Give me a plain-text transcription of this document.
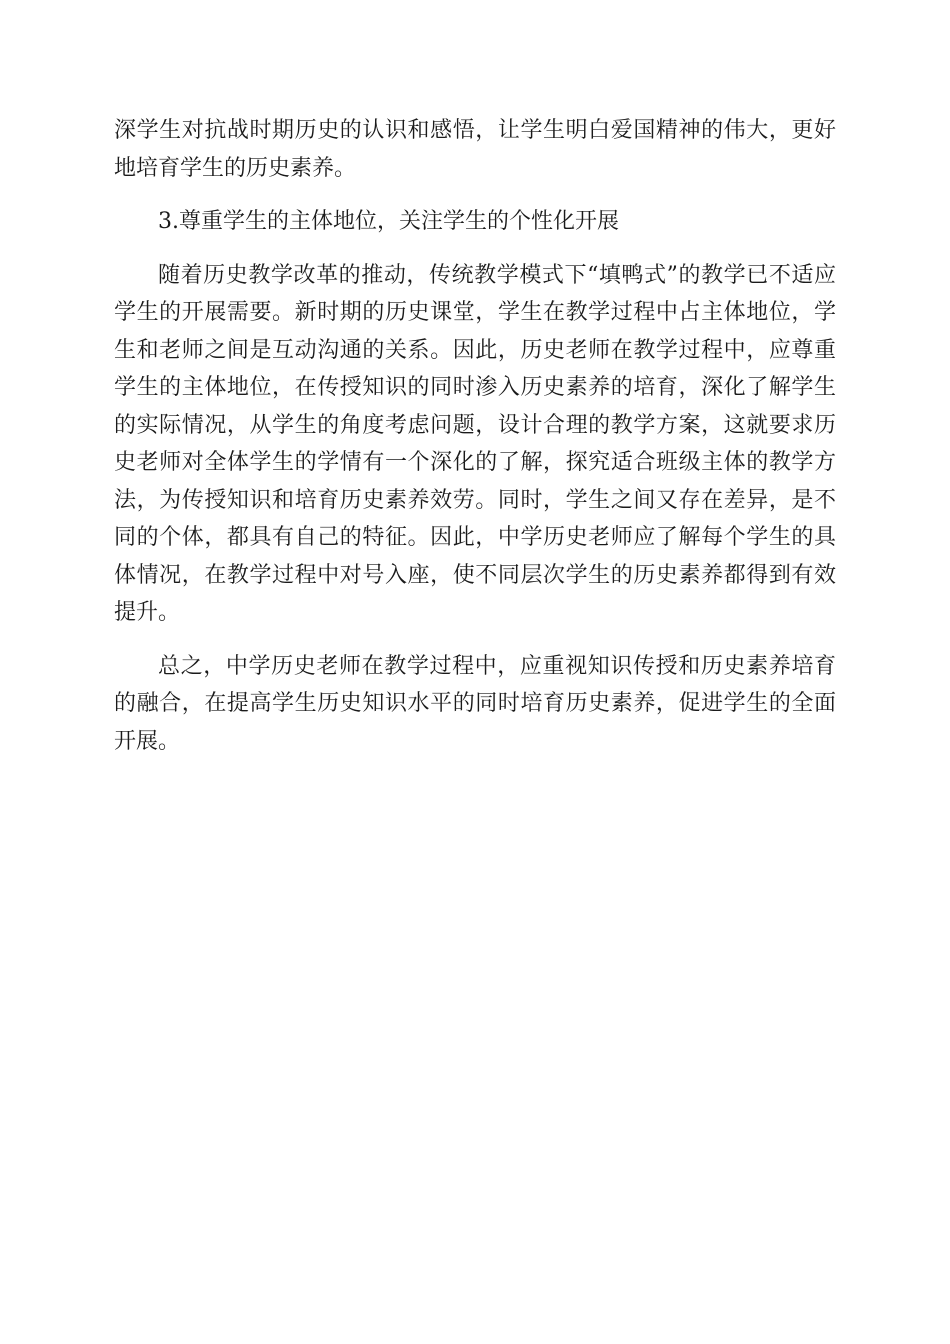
深学生对抗战时期历史的认识和感悟，让学生明白爱国精神的伟大，更好地培育学生的历史素养。

3.尊重学生的主体地位，关注学生的个性化开展

随着历史教学改革的推动，传统教学模式下“填鸭式”的教学已不适应学生的开展需要。新时期的历史课堂，学生在教学过程中占主体地位，学生和老师之间是互动沟通的关系。因此，历史老师在教学过程中，应尊重学生的主体地位，在传授知识的同时渗入历史素养的培育，深化了解学生的实际情况，从学生的角度考虑问题，设计合理的教学方案，这就要求历史老师对全体学生的学情有一个深化的了解，探究适合班级主体的教学方法，为传授知识和培育历史素养效劳。同时，学生之间又存在差异，是不同的个体，都具有自己的特征。因此，中学历史老师应了解每个学生的具体情况，在教学过程中对号入座，使不同层次学生的历史素养都得到有效提升。

总之，中学历史老师在教学过程中，应重视知识传授和历史素养培育的融合，在提高学生历史知识水平的同时培育历史素养，促进学生的全面开展。
